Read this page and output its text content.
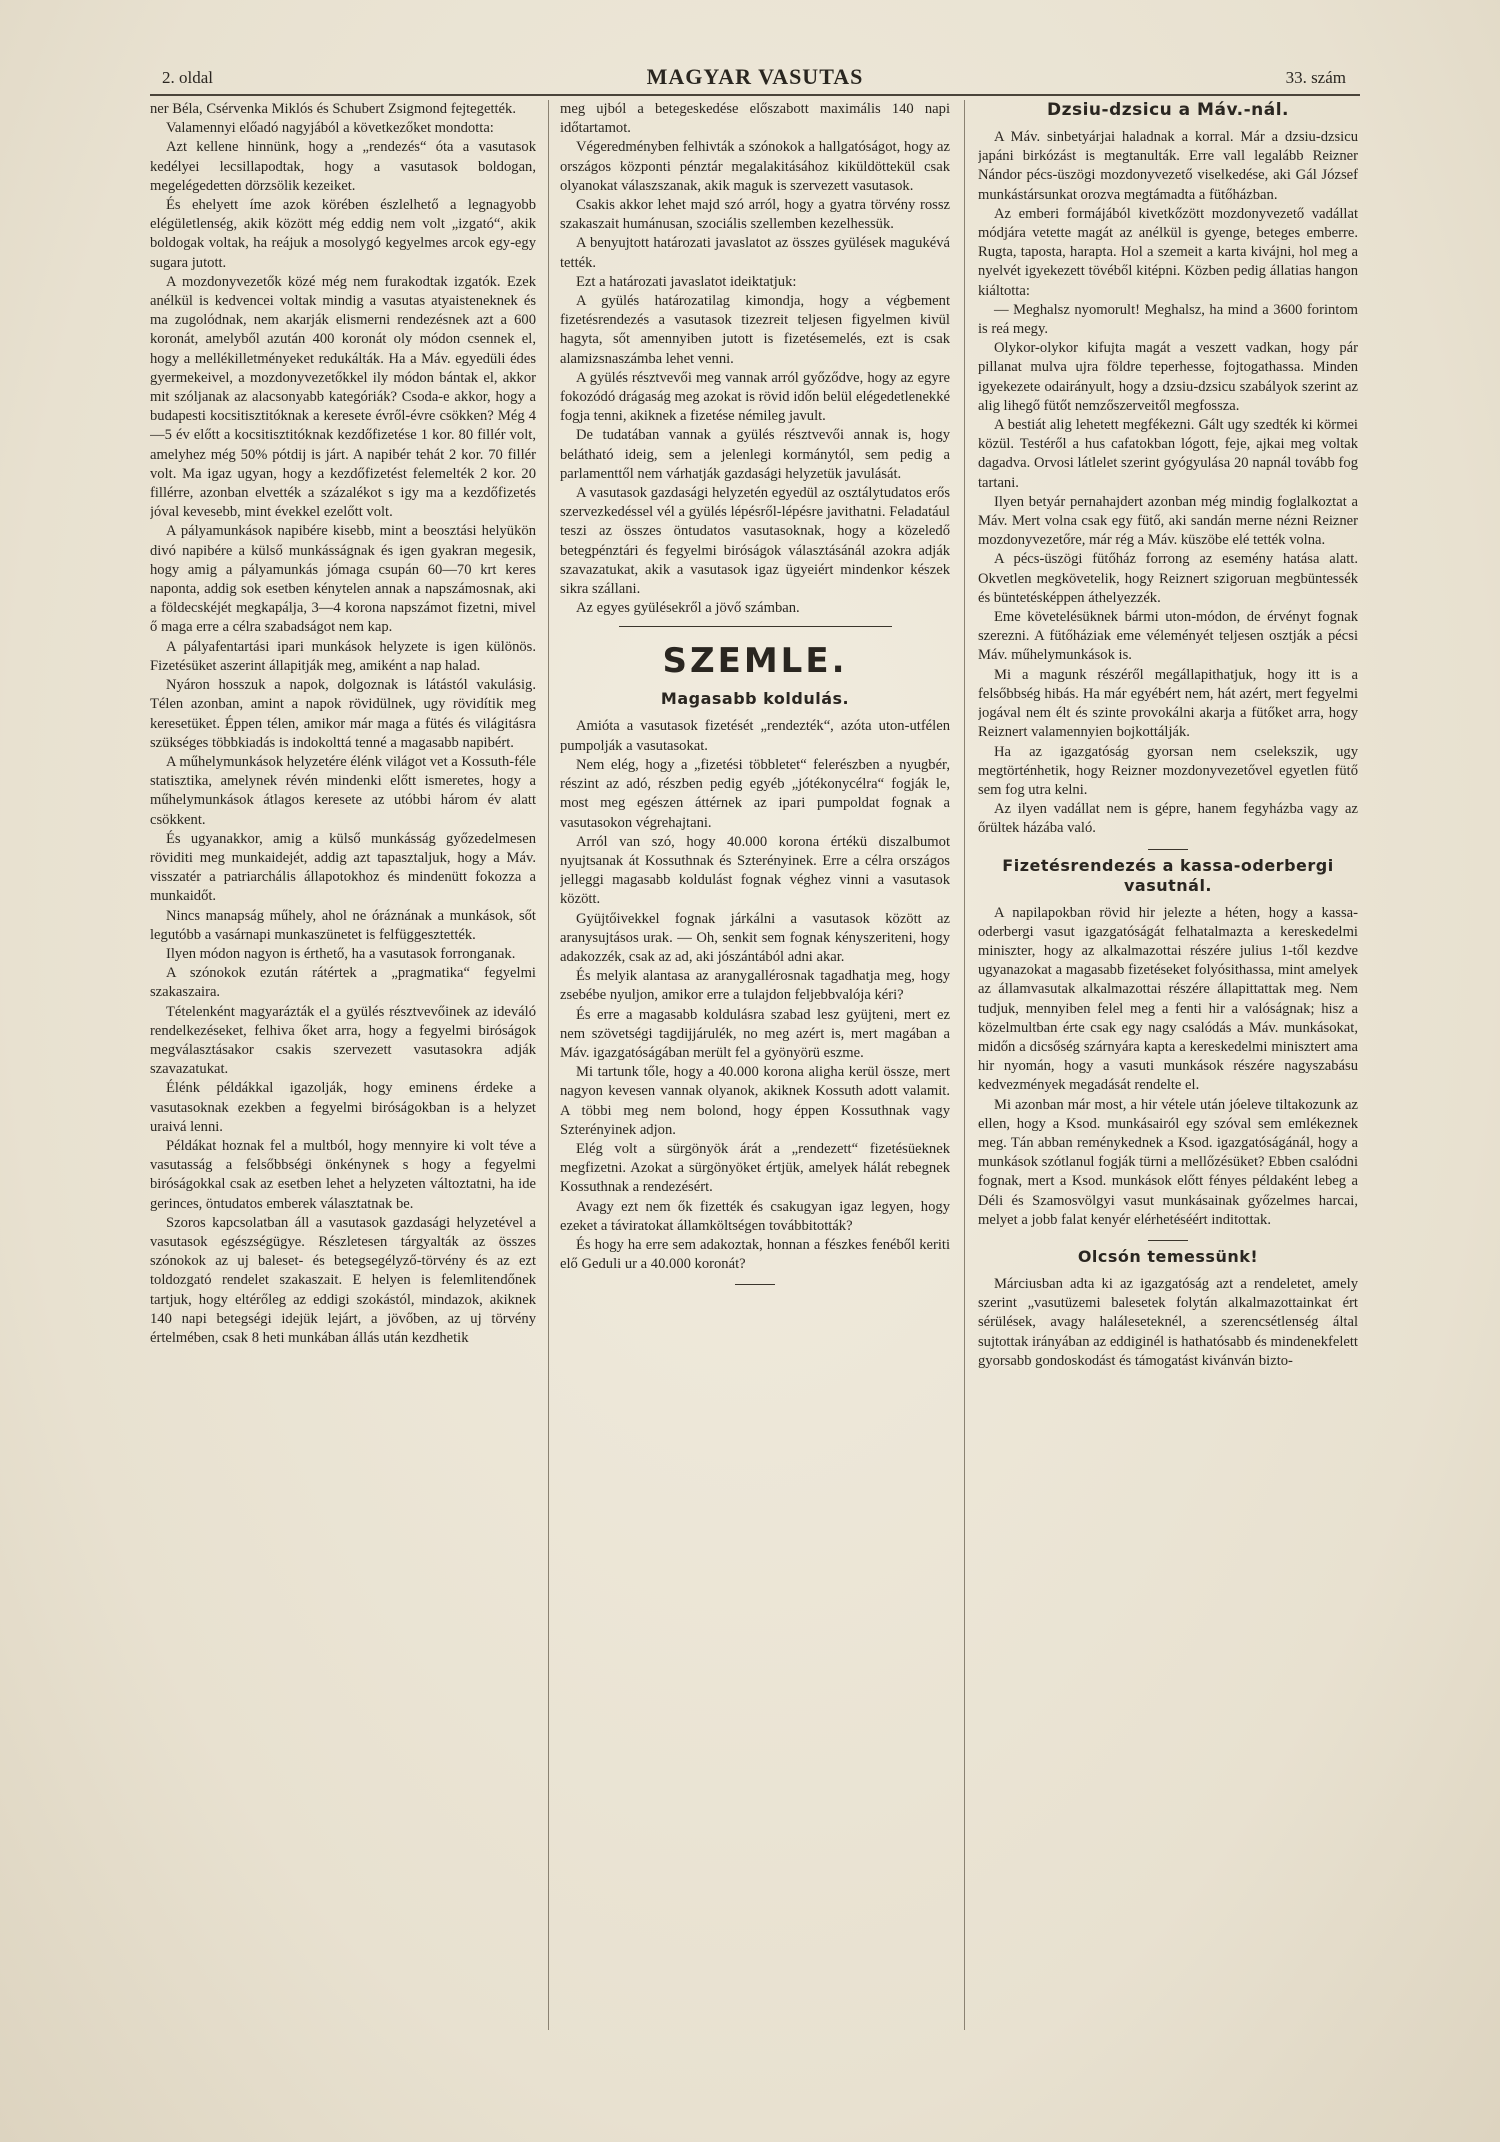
2. oldal	MAGYAR VASUTAS	33. szám

ner Béla, Csérvenka Miklós és Schubert Zsigmond fejtegették.

Valamennyi előadó nagyjából a következőket mondotta:

Azt kellene hinnünk, hogy a „rendezés“ óta a vasutasok kedélyei lecsillapodtak, hogy a vasutasok boldogan, megelégedetten dörzsölik kezeiket.

És ehelyett íme azok körében észlelhető a legnagyobb elégületlenség, akik között még eddig nem volt „izgató“, akik boldogak voltak, ha reájuk a mosolygó kegyelmes arcok egy-egy sugara jutott.

A mozdonyvezetők közé még nem furakodtak izgatók. Ezek anélkül is kedvencei voltak mindig a vasutas atyaisteneknek és ma zugolódnak, nem akarják elismerni rendezésnek azt a 600 koronát, amelyből azután 400 koronát oly módon csennek el, hogy a mellékilletményeket redukálták. Ha a Máv. egyedüli édes gyermekeivel, a mozdonyvezetőkkel ily módon bántak el, akkor mit szóljanak az alacsonyabb kategóriák? Csoda-e akkor, hogy a budapesti kocsitisztitóknak a keresete évről-évre csökken? Még 4—5 év előtt a kocsitisztitóknak kezdőfizetése 1 kor. 80 fillér volt, amelyhez még 50% pótdij is járt. A napibér tehát 2 kor. 70 fillér volt. Ma igaz ugyan, hogy a kezdőfizetést felemelték 2 kor. 20 fillérre, azonban elvették a százalékot s igy ma a kezdőfizetés jóval kevesebb, mint évekkel ezelőtt volt.

A pályamunkások napibére kisebb, mint a beosztási helyükön divó napibére a külső munkásságnak és igen gyakran megesik, hogy amig a pályamunkás jómaga csupán 60—70 krt keres naponta, addig sok esetben kénytelen annak a napszámosnak, aki a földecskéjét megkapálja, 3—4 korona napszámot fizetni, mivel ő maga erre a célra szabadságot nem kap.

A pályafentartási ipari munkások helyzete is igen különös. Fizetésüket aszerint állapitják meg, amiként a nap halad.

Nyáron hosszuk a napok, dolgoznak is látástól vakulásig. Télen azonban, amint a napok rövidülnek, ugy rövidítik meg keresetüket. Éppen télen, amikor már maga a fütés és világitásra szükséges többkiadás is indokolttá tenné a magasabb napibért.

A műhelymunkások helyzetére élénk világot vet a Kossuth-féle statisztika, amelynek révén mindenki előtt ismeretes, hogy a műhelymunkások átlagos keresete az utóbbi három év alatt csökkent.

És ugyanakkor, amig a külső munkásság győzedelmesen röviditi meg munkaidejét, addig azt tapasztaljuk, hogy a Máv. visszatér a patriarchális állapotokhoz és mindenütt fokozza a munkaidőt.

Nincs manapság műhely, ahol ne óráznának a munkások, sőt legutóbb a vasárnapi munkaszünetet is felfüggesztették.

Ilyen módon nagyon is érthető, ha a vasutasok forronganak.

A szónokok ezután rátértek a „pragmatika“ fegyelmi szakaszaira.

Tételenként magyarázták el a gyülés résztvevőinek az ideváló rendelkezéseket, felhiva őket arra, hogy a fegyelmi biróságok megválasztásakor csakis szervezett vasutasokra adják szavazatukat.

Élénk példákkal igazolják, hogy eminens érdeke a vasutasoknak ezekben a fegyelmi biróságokban is a helyzet uraivá lenni.

Példákat hoznak fel a multból, hogy mennyire ki volt téve a vasutasság a felsőbbségi önkénynek s hogy a fegyelmi biróságokkal csak az esetben lehet a helyzeten változtatni, ha ide gerinces, öntudatos emberek választatnak be.

Szoros kapcsolatban áll a vasutasok gazdasági helyzetével a vasutasok egészségügye. Részletesen tárgyalták az összes szónokok az uj baleset- és betegsegélyző-törvény és az ezt toldozgató rendelet szakaszait. E helyen is felemlitendőnek tartjuk, hogy eltérőleg az eddigi szokástól, mindazok, akiknek 140 napi betegségi idejük lejárt, a jövőben, az uj törvény értelmében, csak 8 heti munkában állás után kezdhetik

meg ujból a betegeskedése előszabott maximális 140 napi időtartamot.

Végeredményben felhivták a szónokok a hallgatóságot, hogy az országos központi pénztár megalakitásához kiküldöttekül csak olyanokat válaszszanak, akik maguk is szervezett vasutasok.

Csakis akkor lehet majd szó arról, hogy a gyatra törvény rossz szakaszait humánusan, szociális szellemben kezelhessük.

A benyujtott határozati javaslatot az összes gyülések magukévá tették.

Ezt a határozati javaslatot ideiktatjuk:

A gyülés határozatilag kimondja, hogy a végbement fizetésrendezés a vasutasok tizezreit teljesen figyelmen kivül hagyta, sőt amennyiben jutott is fizetésemelés, ezt is csak alamizsnaszámba lehet venni.

A gyülés résztvevői meg vannak arról győződve, hogy az egyre fokozódó drágaság meg azokat is rövid időn belül elégedetlenekké fogja tenni, akiknek a fizetése némileg javult.

De tudatában vannak a gyülés résztvevői annak is, hogy belátható ideig, sem a jelenlegi kormánytól, sem pedig a parlamenttől nem várhatják gazdasági helyzetük javulását.

A vasutasok gazdasági helyzetén egyedül az osztálytudatos erős szervezkedéssel vél a gyülés lépésről-lépésre javithatni. Feladatául teszi az összes öntudatos vasutasoknak, hogy a közeledő betegpénztári és fegyelmi biróságok választásánál azokra adják szavazatukat, akik a vasutasok igaz ügyeiért mindenkor készek sikra szállani.

Az egyes gyülésekről a jövő számban.

SZEMLE.
Magasabb koldulás.

Amióta a vasutasok fizetését „rendezték“, azóta uton-utfélen pumpolják a vasutasokat.

Nem elég, hogy a „fizetési többletet“ felerészben a nyugbér, részint az adó, részben pedig egyéb „jótékonycélra“ fogják le, most meg egészen áttérnek az ipari pumpoldat fognak a vasutasokon végrehajtani.

Arról van szó, hogy 40.000 korona értékü diszalbumot nyujtsanak át Kossuthnak és Szterényinek. Erre a célra országos jelleggi magasabb koldulást fognak véghez vinni a vasutasok között.

Gyüjtőivekkel fognak járkálni a vasutasok között az aranysujtásos urak. — Oh, senkit sem fognak kényszeriteni, hogy adakozzék, csak az ad, aki jószántából adni akar.

És melyik alantasa az aranygallérosnak tagadhatja meg, hogy zsebébe nyuljon, amikor erre a tulajdon feljebbvalója kéri?

És erre a magasabb koldulásra szabad lesz gyüjteni, mert ez nem szövetségi tagdijjárulék, no meg azért is, mert magában a Máv. igazgatóságában merült fel a gyönyörü eszme.

Mi tartunk tőle, hogy a 40.000 korona aligha kerül össze, mert nagyon kevesen vannak olyanok, akiknek Kossuth adott valamit. A többi meg nem bolond, hogy éppen Kossuthnak vagy Szterényinek adjon.

Elég volt a sürgönyök árát a „rendezett“ fizetésüeknek megfizetni. Azokat a sürgönyöket értjük, amelyek hálát rebegnek Kossuthnak a rendezésért.

Avagy ezt nem ők fizették és csakugyan igaz legyen, hogy ezeket a táviratokat államköltségen továbbitották?

És hogy ha erre sem adakoztak, honnan a fészkes fenéből keriti elő Geduli ur a 40.000 koronát?

Dzsiu-dzsicu a Máv.-nál.

A Máv. sinbetyárjai haladnak a korral. Már a dzsiu-dzsicu japáni birkózást is megtanulták. Erre vall legalább Reizner Nándor pécs-üszögi mozdonyvezető viselkedése, aki Gál József munkástársunkat orozva megtámadta a fütőházban.

Az emberi formájából kivetkőzött mozdonyvezető vadállat módjára vetette magát az anélkül is gyenge, beteges emberre. Rugta, taposta, harapta. Hol a szemeit a karta kivájni, hol meg a nyelvét igyekezett tövéből kitépni. Közben pedig állatias hangon kiáltotta:

— Meghalsz nyomorult! Meghalsz, ha mind a 3600 forintom is reá megy.

Olykor-olykor kifujta magát a veszett vadkan, hogy pár pillanat mulva ujra földre teperhesse, fojtogathassa. Minden igyekezete odairányult, hogy a dzsiu-dzsicu szabályok szerint az alig lihegő fütőt nemzőszerveitől megfossza.

A bestiát alig lehetett megfékezni. Gált ugy szedték ki körmei közül. Testéről a hus cafatokban lógott, feje, ajkai meg voltak dagadva. Orvosi látlelet szerint gyógyulása 20 napnál tovább fog tartani.

Ilyen betyár pernahajdert azonban még mindig foglalkoztat a Máv. Mert volna csak egy fütő, aki sandán merne nézni Reizner mozdonyvezetőre, már rég a Máv. küszöbe elé tették volna.

A pécs-üszögi fütőház forrong az esemény hatása alatt. Okvetlen megkövetelik, hogy Reiznert szigoruan megbüntessék és büntetésképpen áthelyezzék.

Eme követelésüknek bármi uton-módon, de érvényt fognak szerezni. A fütőháziak eme véleményét teljesen osztják a pécsi Máv. műhelymunkások is.

Mi a magunk részéről megállapithatjuk, hogy itt is a felsőbbség hibás. Ha már egyébért nem, hát azért, mert fegyelmi jogával nem élt és szinte provokálni akarja a fütőket arra, hogy Reiznert valamennyien bojkottálják.

Ha az igazgatóság gyorsan nem cselekszik, ugy megtörténhetik, hogy Reizner mozdonyvezetővel egyetlen fütő sem fog utra kelni.

Az ilyen vadállat nem is gépre, hanem fegyházba vagy az őrültek házába való.

Fizetésrendezés a kassa-oderbergi vasutnál.

A napilapokban rövid hir jelezte a héten, hogy a kassa-oderbergi vasut igazgatóságát felhatalmazta a kereskedelmi miniszter, hogy az alkalmazottai részére julius 1-től kezdve ugyanazokat a magasabb fizetéseket folyósithassa, mint amelyek az államvasutak alkalmazottai részére állapittattak meg. Nem tudjuk, mennyiben felel meg a fenti hir a valóságnak; hisz a közelmultban érte csak egy nagy csalódás a Máv. munkásokat, midőn a dicsőség szárnyára kapta a kereskedelmi minisztert ama hir nyomán, hogy a vasuti munkások részére nagyszabásu kedvezmények megadását rendelte el.

Mi azonban már most, a hir vétele után jóeleve tiltakozunk az ellen, hogy a Ksod. munkásairól egy szóval sem emlékeznek meg. Tán abban reménykednek a Ksod. igazgatóságánál, hogy a munkások szótlanul fogják türni a mellőzésüket? Ebben csalódni fognak, mert a Ksod. munkások előtt fényes példaként lebeg a Déli és Szamosvölgyi vasut munkásainak győzelmes harcai, melyet a jobb falat kenyér elérhetéséért inditottak.

Olcsón temessünk!

Márciusban adta ki az igazgatóság azt a rendeletet, amely szerint „vasutüzemi balesetek folytán alkalmazottainkat ért sérülések, avagy haláleseteknél, a szerencsétlenség által sujtottak irányában az eddiginél is hathatósabb és mindenekfelett gyorsabb gondoskodást és támogatást kivánván bizto-
